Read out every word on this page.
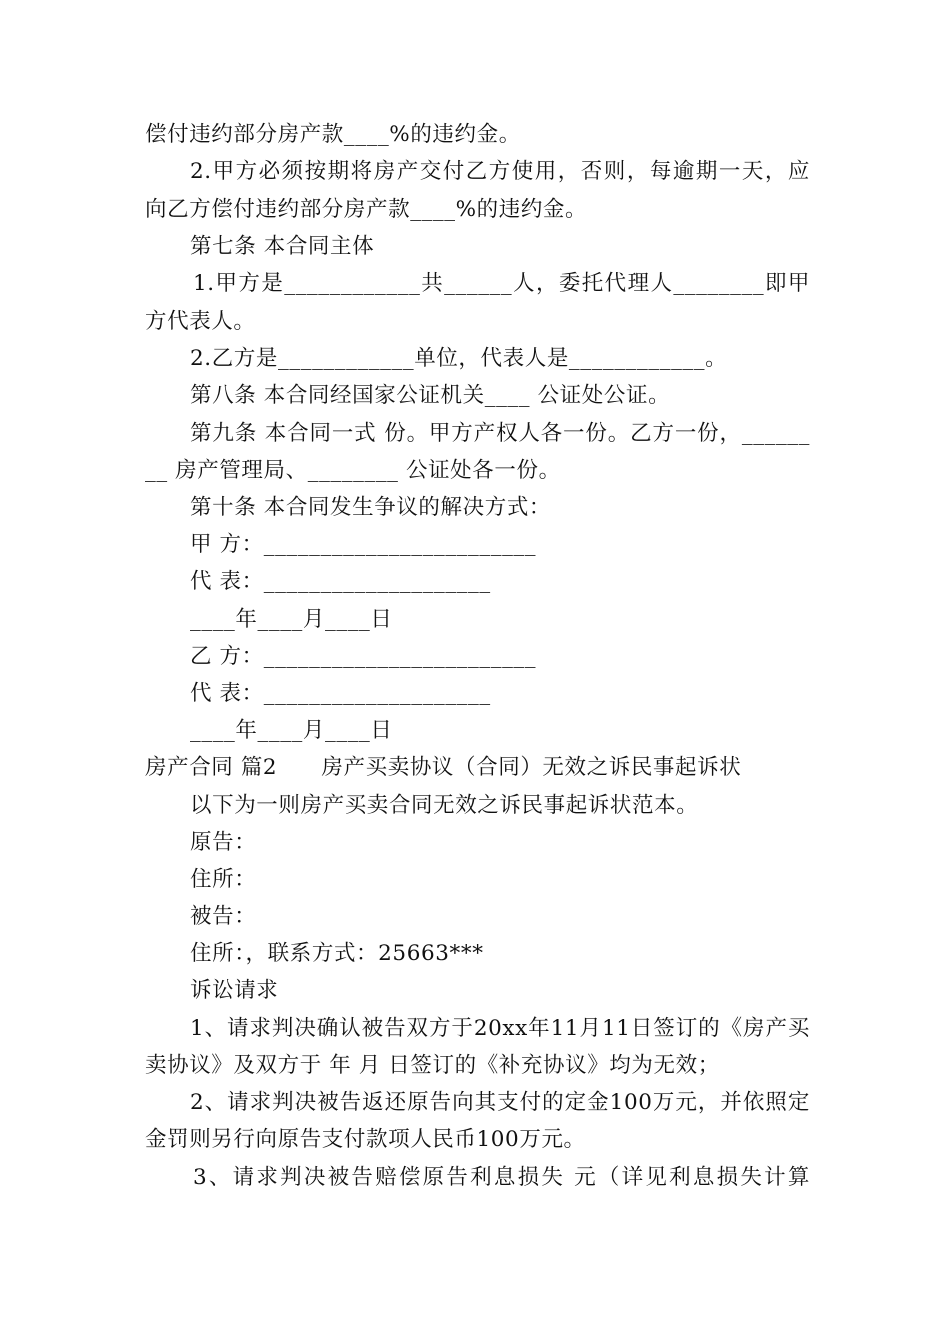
偿付违约部分房产款____%的违约金。
2.甲方必须按期将房产交付乙方使用，否则，每逾期一天，应
向乙方偿付违约部分房产款____%的违约金。
第七条 本合同主体
1.甲方是____________共______人，委托代理人________即甲
方代表人。
2.乙方是____________单位，代表人是____________。
第八条 本合同经国家公证机关____ 公证处公证。
第九条 本合同一式 份。甲方产权人各一份。乙方一份，______
__ 房产管理局、________ 公证处各一份。
第十条 本合同发生争议的解决方式：
甲 方：________________________
代 表：____________________
____年____月____日
乙 方：________________________
代 表：____________________
____年____月____日
房产合同 篇2　　房产买卖协议（合同）无效之诉民事起诉状
以下为一则房产买卖合同无效之诉民事起诉状范本。
原告：
住所：
被告：
住所：，联系方式：25663***
诉讼请求
1、请求判决确认被告双方于20xx年11月11日签订的《房产买
卖协议》及双方于 年 月 日签订的《补充协议》均为无效；
2、请求判决被告返还原告向其支付的定金100万元，并依照定
金罚则另行向原告支付款项人民币100万元。
3、请求判决被告赔偿原告利息损失 元（详见利息损失计算
